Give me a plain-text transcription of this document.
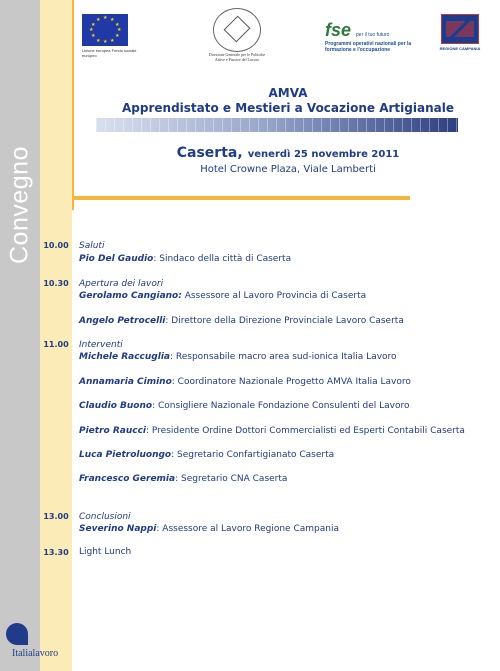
Convegno
★ ★
★
★
★
★
★
★
★
★
★
★
Unione europea Fondo sociale europeo	Direzione Generale per le Politiche Attive e Passive del Lavoro
fse per il tuo futuro
Programmi operativi nazionali per la formazione e l'occupazione	REGIONE CAMPANIA
AMVA
Apprendistato e Mestieri a Vocazione Artigianale
Caserta, venerdì 25 novembre 2011
Hotel Crowne Plaza, Viale Lamberti
10.00	Saluti
Pio Del Gaudio: Sindaco della città di Caserta
10.30	Apertura dei lavori
Gerolamo Cangiano: Assessore al Lavoro Provincia di Caserta
Angelo Petrocelli: Direttore della Direzione Provinciale Lavoro Caserta
11.00	Interventi
Michele Raccuglia: Responsabile macro area sud-ionica Italia Lavoro
Annamaria Cimino: Coordinatore Nazionale Progetto AMVA Italia Lavoro
Claudio Buono: Consigliere Nazionale Fondazione Consulenti del Lavoro
Pietro Raucci: Presidente Ordine Dottori Commercialisti ed Esperti Contabili Caserta
Luca Pietroluongo: Segretario Confartigianato Caserta
Francesco Geremia: Segretario CNA Caserta
13.00	Conclusioni
Severino Nappi: Assessore al Lavoro Regione Campania
13.30	Light Lunch
Italialavoro
